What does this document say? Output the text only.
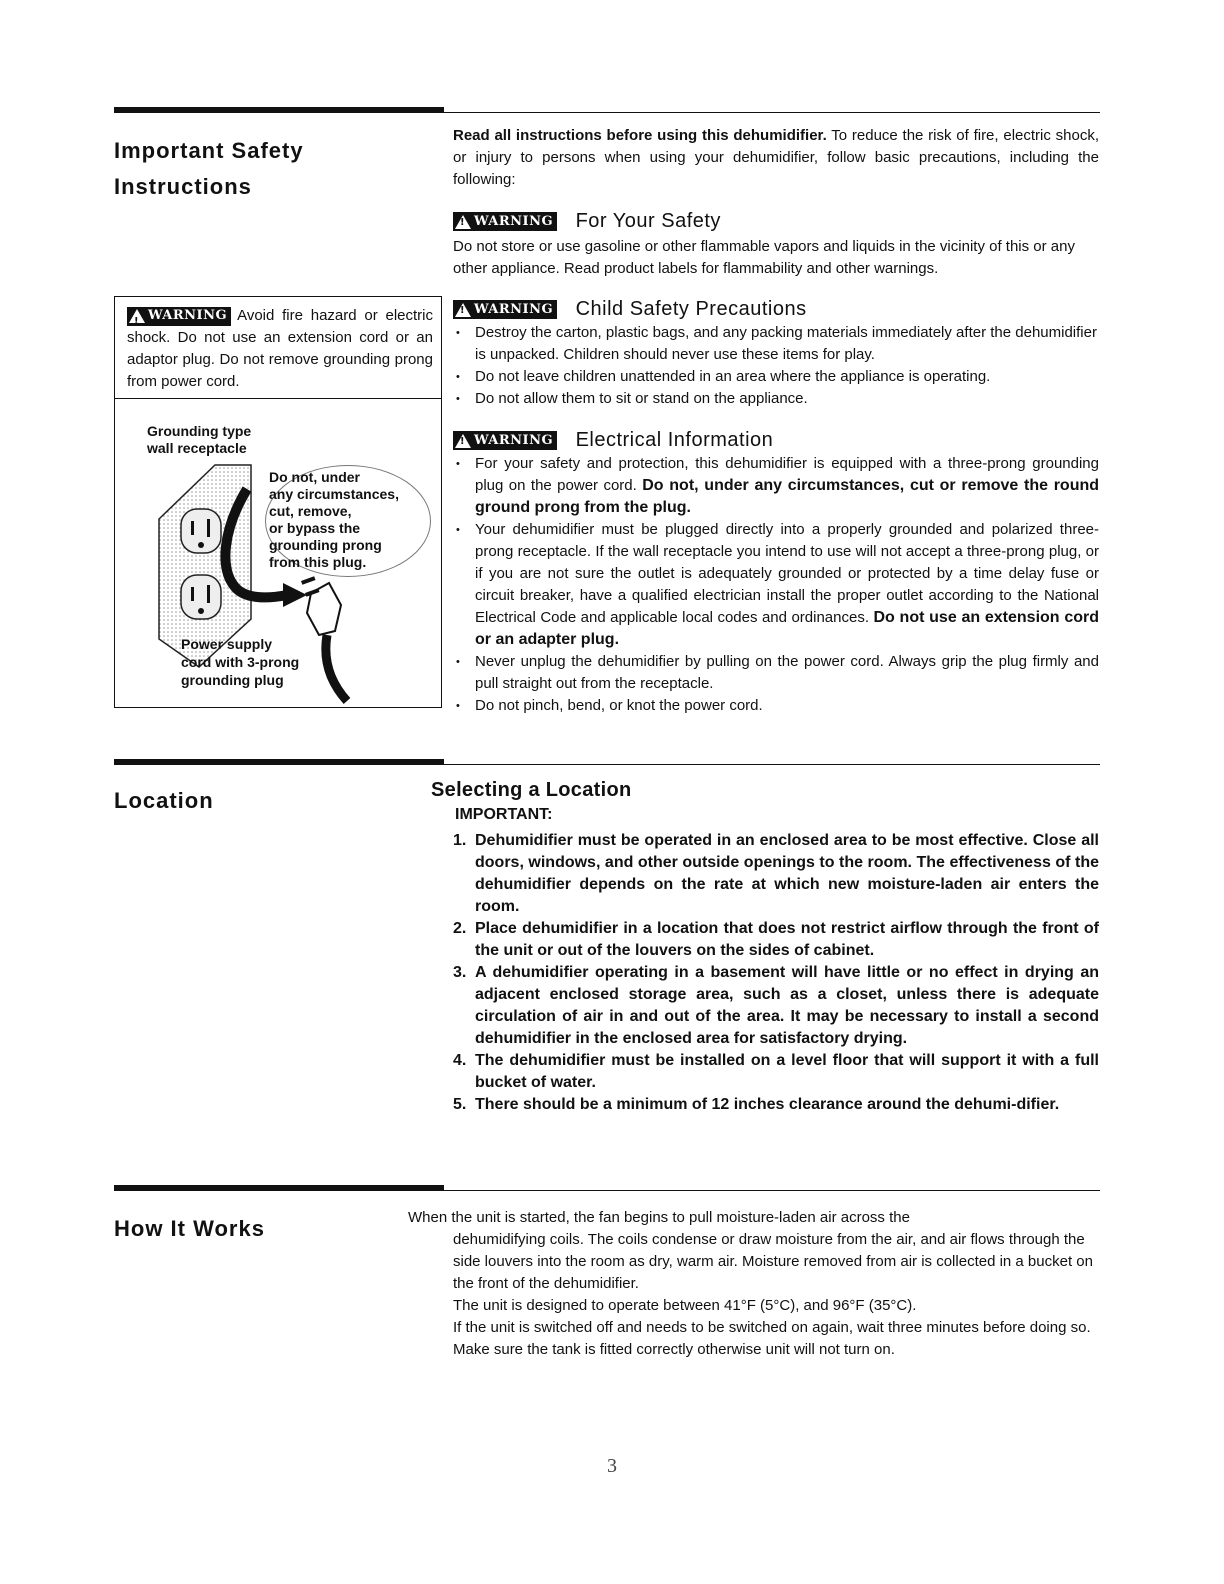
Important Safety
Instructions
Read all instructions before using this dehumidifier. To reduce the risk of fire, electric shock, or injury to persons when using your dehumidifier, follow basic precautions, including the following:
!
WARNING For Your Safety
Do not store or use gasoline or other flammable vapors and liquids in the vicinity of this or any other appliance. Read product labels for flammability and other warnings.
!
WARNING Child Safety Precautions
• Destroy the carton, plastic bags, and any packing materials immediately after the dehumidifier is unpacked. Children should never use these items for play.
• Do not leave children unattended in an area where the appliance is operating.
• Do not allow them to sit or stand on the appliance.
!
WARNING Electrical Information
• For your safety and protection, this dehumidifier is equipped with a three-prong grounding plug on the power cord. Do not, under any circumstances, cut or remove the round ground prong from the plug.
• Your dehumidifier must be plugged directly into a properly grounded and polarized three-prong receptacle. If the wall receptacle you intend to use will not accept a three-prong plug, or if you are not sure the outlet is adequately grounded or protected by a time delay fuse or circuit breaker, have a qualified electrician install the proper outlet according to the National Electrical Code and applicable local codes and ordinances. Do not use an extension cord or an adapter plug.
• Never unplug the dehumidifier by pulling on the power cord. Always grip the plug firmly and pull straight out from the receptacle.
• Do not pinch, bend, or knot the power cord.
!
WARNING Avoid fire hazard or electric shock. Do not use an extension cord or an adaptor plug. Do not remove grounding prong from power cord.
Grounding type
wall receptacle
Do not, under
any circumstances,
cut, remove,
or bypass the
grounding prong
from this plug.
Power supply
cord with 3-prong
grounding plug
Location	Selecting a Location
IMPORTANT:
1. Dehumidifier must be operated in an enclosed area to be most effective. Close all doors, windows, and other outside openings to the room. The effectiveness of the dehumidifier depends on the rate at which new moisture-laden air enters the room.
2. Place dehumidifier in a location that does not restrict airflow through the front of the unit or out of the louvers on the sides of cabinet.
3. A dehumidifier operating in a basement will have little or no effect in drying an adjacent enclosed storage area, such as a closet, unless there is adequate circulation of air in and out of the area. It may be necessary to install a second dehumidifier in the enclosed area for satisfactory drying.
4. The dehumidifier must be installed on a level floor that will support it with a full bucket of water.
5. There should be a minimum of 12 inches clearance around the dehumi-difier.
How It Works	When the unit is started, the fan begins to pull moisture-laden air across the
dehumidifying coils. The coils condense or draw moisture from the air, and air flows through the side louvers into the room as dry, warm air. Moisture removed from air is collected in a bucket on the front of the dehumidifier.
The unit is designed to operate between 41°F (5°C), and 96°F (35°C).
If the unit is switched off and needs to be switched on again, wait three minutes before doing so.
Make sure the tank is fitted correctly otherwise unit will not turn on.
3
